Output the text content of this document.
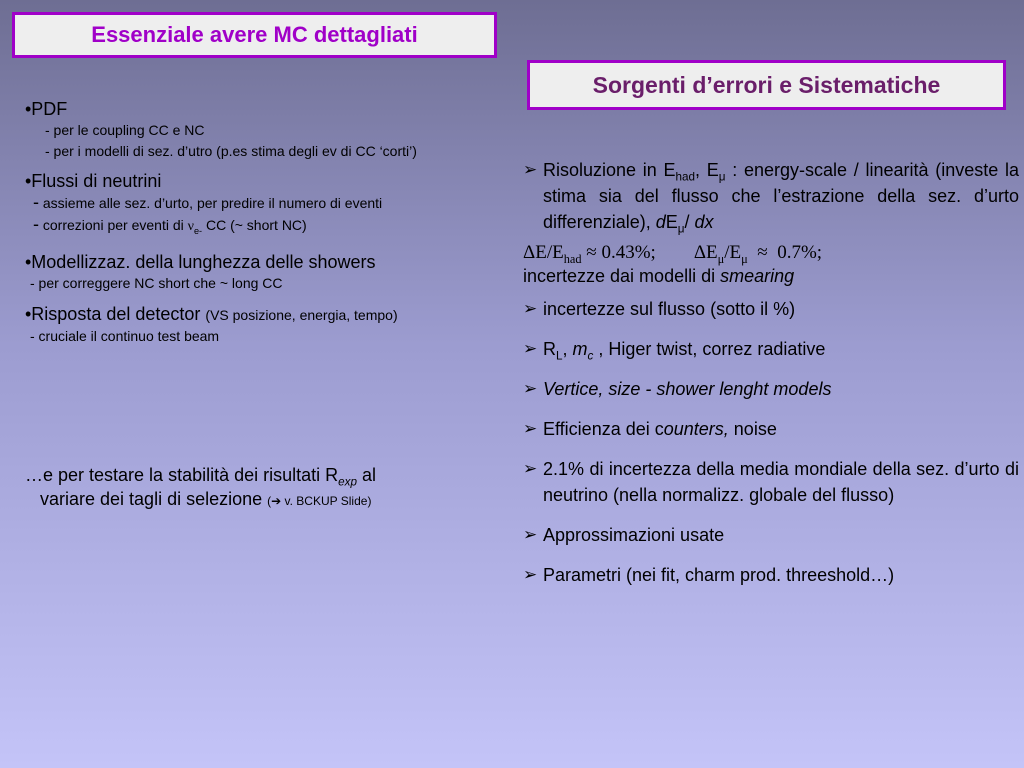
Essenziale avere MC dettagliati
Sorgenti d’errori e Sistematiche
•PDF
- per le coupling CC e NC
- per i modelli di sez. d’utro (p.es stima degli ev di CC ‘corti’)
•Flussi di neutrini
- assieme alle sez. d’urto, per predire il numero di eventi
- correzioni per eventi di $\nu_{e-}$ CC (~ short NC)
•Modellizzaz. della lunghezza delle showers
- per correggere NC short che ~ long CC
•Risposta del detector (VS posizione, energia, tempo)
- cruciale il continuo test beam
…e per testare la stabilità dei risultati $R_{exp}$ al
variare dei tagli di selezione (➔ v. BCKUP Slide)
➢ Risoluzione in $E_{had}$, $E_\mu$ : energy-scale / linearità (investe la stima sia del flusso che l’estrazione della sez. d’urto differenziale), $dE_\mu/$ dx
$\Delta E/E_{had} \approx 0.43\%$;        $\Delta E_\mu/E_\mu \approx 0.7\%$;
incertezze dai modelli di smearing
➢ incertezze sul flusso (sotto il %)
➢ $R_L$, $m_c$ , Higer twist, correz radiative
➢ Vertice, size - shower lenght models
➢ Efficienza dei counters, noise
➢ 2.1% di incertezza della media mondiale della sez. d’urto di neutrino (nella normalizz. globale del flusso)
➢ Approssimazioni usate
➢ Parametri (nei fit, charm prod. threeshold…)
